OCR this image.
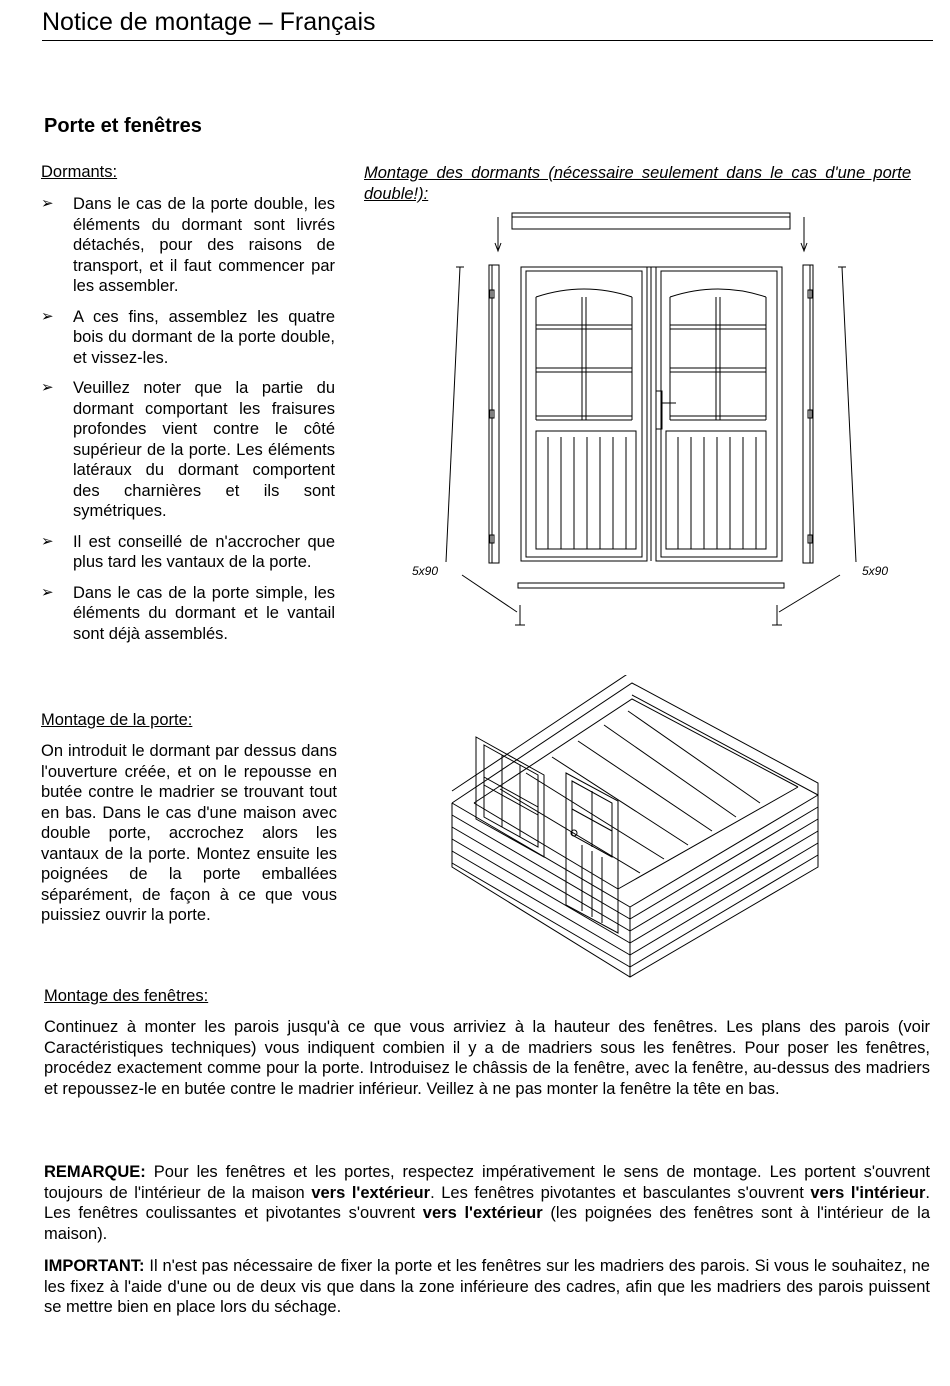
Notice de montage – Français
Porte et fenêtres
Dormants:
➢ Dans le cas de la porte double, les éléments du dormant sont livrés détachés, pour des raisons de transport, et il faut commencer par les assembler.
➢ A ces fins, assemblez les quatre bois du dormant de la porte double, et vissez-les.
➢ Veuillez noter que la partie du dormant comportant les fraisures profondes vient contre le côté supérieur de la porte. Les éléments latéraux du dormant comportent des charnières et ils sont symétriques.
➢ Il est conseillé de n'accrocher que plus tard les vantaux de la porte.
➢ Dans le cas de la porte simple, les éléments du dormant et le vantail sont déjà assemblés.
Montage des dormants (nécessaire seulement dans le cas d'une porte double!):
5x90	5x90
Montage de la porte:
On introduit le dormant par dessus dans l'ouverture créée, et on le repousse en butée contre le madrier se trouvant tout en bas. Dans le cas d'une maison avec double porte, accrochez alors les vantaux de la porte. Montez ensuite les poignées de la porte emballées séparément, de façon à ce que vous puissiez ouvrir la porte.
Montage des fenêtres:
Continuez à monter les parois jusqu'à ce que vous arriviez à la hauteur des fenêtres. Les plans des parois (voir Caractéristiques techniques) vous indiquent combien il y a de madriers sous les fenêtres. Pour poser les fenêtres, procédez exactement comme pour la porte. Introduisez le châssis de la fenêtre, avec la fenêtre, au-dessus des madriers et repoussez-le en butée contre le madrier inférieur. Veillez à ne pas monter la fenêtre la tête en bas.
REMARQUE: Pour les fenêtres et les portes, respectez impérativement le sens de montage. Les portent s'ouvrent toujours de l'intérieur de la maison vers l'extérieur. Les fenêtres pivotantes et basculantes s'ouvrent vers l'intérieur. Les fenêtres coulissantes et pivotantes s'ouvrent vers l'extérieur (les poignées des fenêtres sont à l'intérieur de la maison).
IMPORTANT: Il n'est pas nécessaire de fixer la porte et les fenêtres sur les madriers des parois. Si vous le souhaitez, ne les fixez à l'aide d'une ou de deux vis que dans la zone inférieure des cadres, afin que les madriers des parois puissent se mettre bien en place lors du séchage.
